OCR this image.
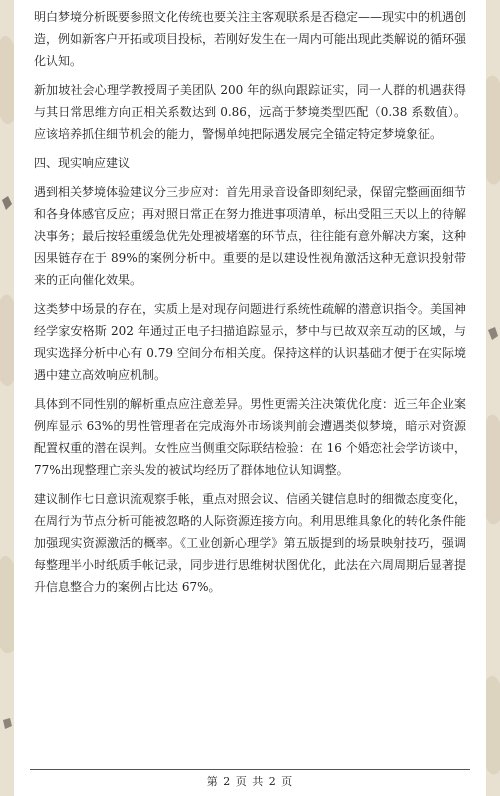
明白梦境分析既要参照文化传统也要关注主客观联系是否稳定——现实中的机遇创造，例如新客户开拓或项目投标，若刚好发生在一周内可能出现此类解说的循环强化认知。

新加坡社会心理学教授周子美团队 200 年的纵向跟踪证实，同一人群的机遇获得与其日常思维方向正相关系数达到 0.86，远高于梦境类型匹配（0.38 系数值）。应该培养抓住细节机会的能力，警惕单纯把际遇发展完全锚定特定梦境象征。

四、现实响应建议

遇到相关梦境体验建议分三步应对：首先用录音设备即刻纪录，保留完整画面细节和各身体感官反应；再对照日常正在努力推进事项清单，标出受阻三天以上的待解决事务；最后按轻重缓急优先处理被堵塞的环节点，往往能有意外解决方案，这种因果链存在于 89%的案例分析中。重要的是以建设性视角激活这种无意识投射带来的正向催化效果。

这类梦中场景的存在，实质上是对现存问题进行系统性疏解的潜意识指令。美国神经学家安格斯 202 年通过正电子扫描追踪显示，梦中与已故双亲互动的区域，与现实选择分析中心有 0.79 空间分布相关度。保持这样的认识基础才便于在实际境遇中建立高效响应机制。

具体到不同性别的解析重点应注意差异。男性更需关注决策优化度：近三年企业案例库显示 63%的男性管理者在完成海外市场谈判前会遭遇类似梦境，暗示对资源配置权重的潜在误判。女性应当侧重交际联结检验：在 16 个婚恋社会学访谈中，77%出现整理亡亲头发的被试均经历了群体地位认知调整。

建议制作七日意识流观察手帐，重点对照会议、信函关键信息时的细微态度变化，在周行为节点分析可能被忽略的人际资源连接方向。利用思维具象化的转化条件能加强现实资源激活的概率。《工业创新心理学》第五版提到的场景映射技巧，强调每整理半小时纸质手帐记录，同步进行思维树状图优化，此法在六周周期后显著提升信息整合力的案例占比达 67%。

第 2 页 共 2 页
